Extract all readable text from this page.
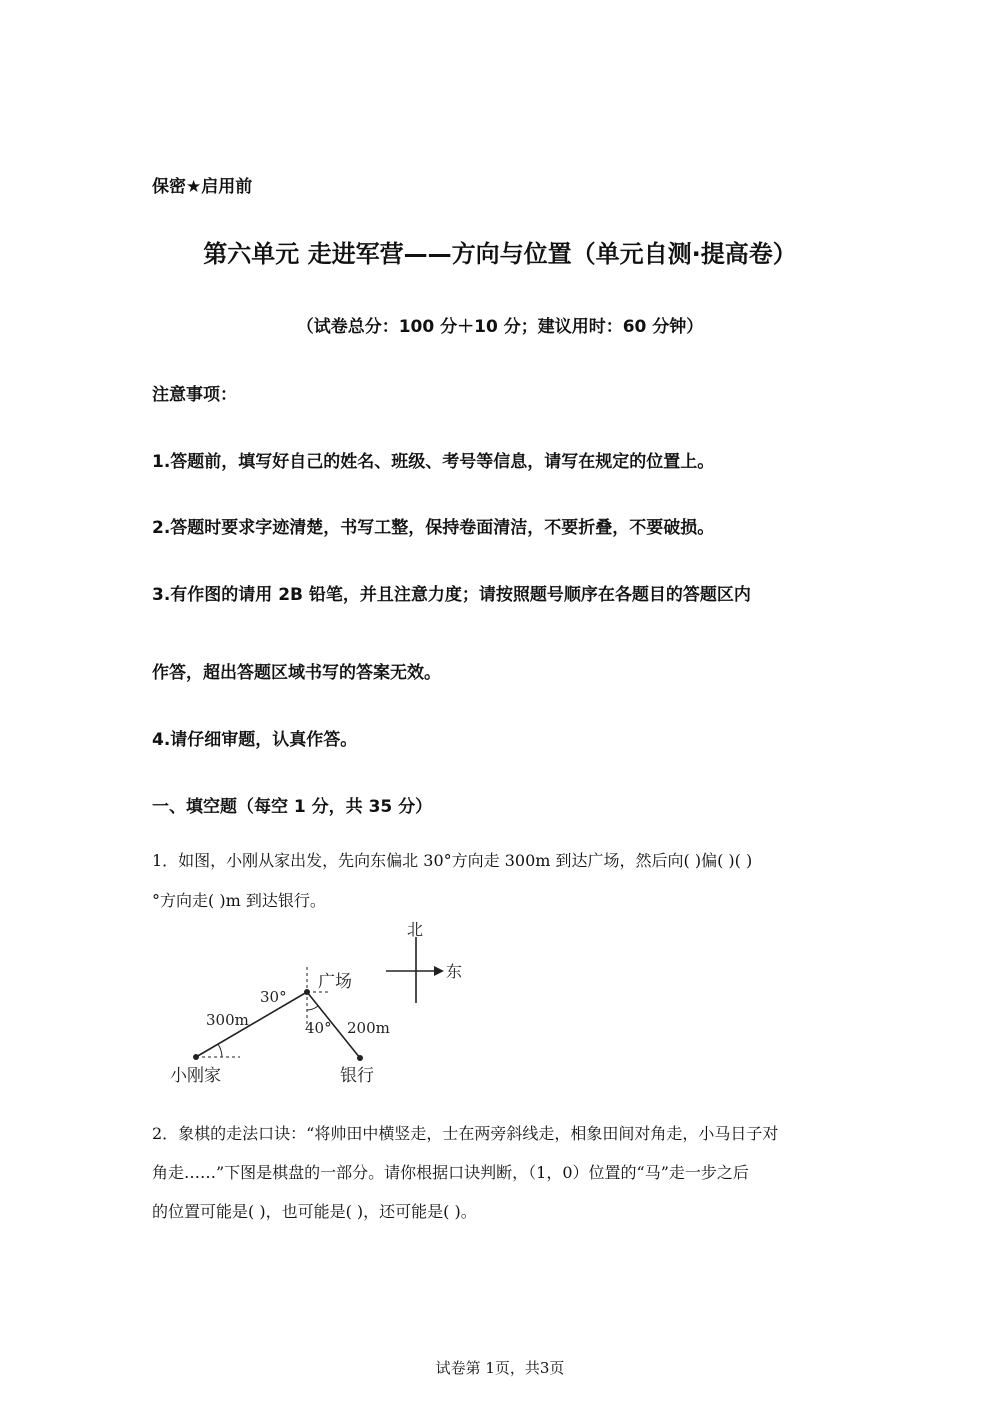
保密★启用前
第六单元 走进军营——方向与位置（单元自测·提高卷）
（试卷总分：100 分＋10 分；建议用时：60 分钟）
注意事项：
1.答题前，填写好自己的姓名、班级、考号等信息，请写在规定的位置上。
2.答题时要求字迹清楚，书写工整，保持卷面清洁，不要折叠，不要破损。
3.有作图的请用 2B 铅笔，并且注意力度；请按照题号顺序在各题目的答题区内
作答，超出答题区域书写的答案无效。
4.请仔细审题，认真作答。
一、填空题（每空 1 分，共 35 分）
1．如图，小刚从家出发，先向东偏北 30°方向走 300m 到达广场，然后向( )偏( )( )
°方向走( )m 到达银行。
北
东
广场
30°
40°
300m	200m
小刚家	银行
2．象棋的走法口诀：“将帅田中横竖走，士在两旁斜线走，相象田间对角走，小马日子对
角走……”下图是棋盘的一部分。请你根据口诀判断，（1，0）位置的“马”走一步之后
的位置可能是( )，也可能是( )，还可能是( )。
试卷第 1页，共3页
